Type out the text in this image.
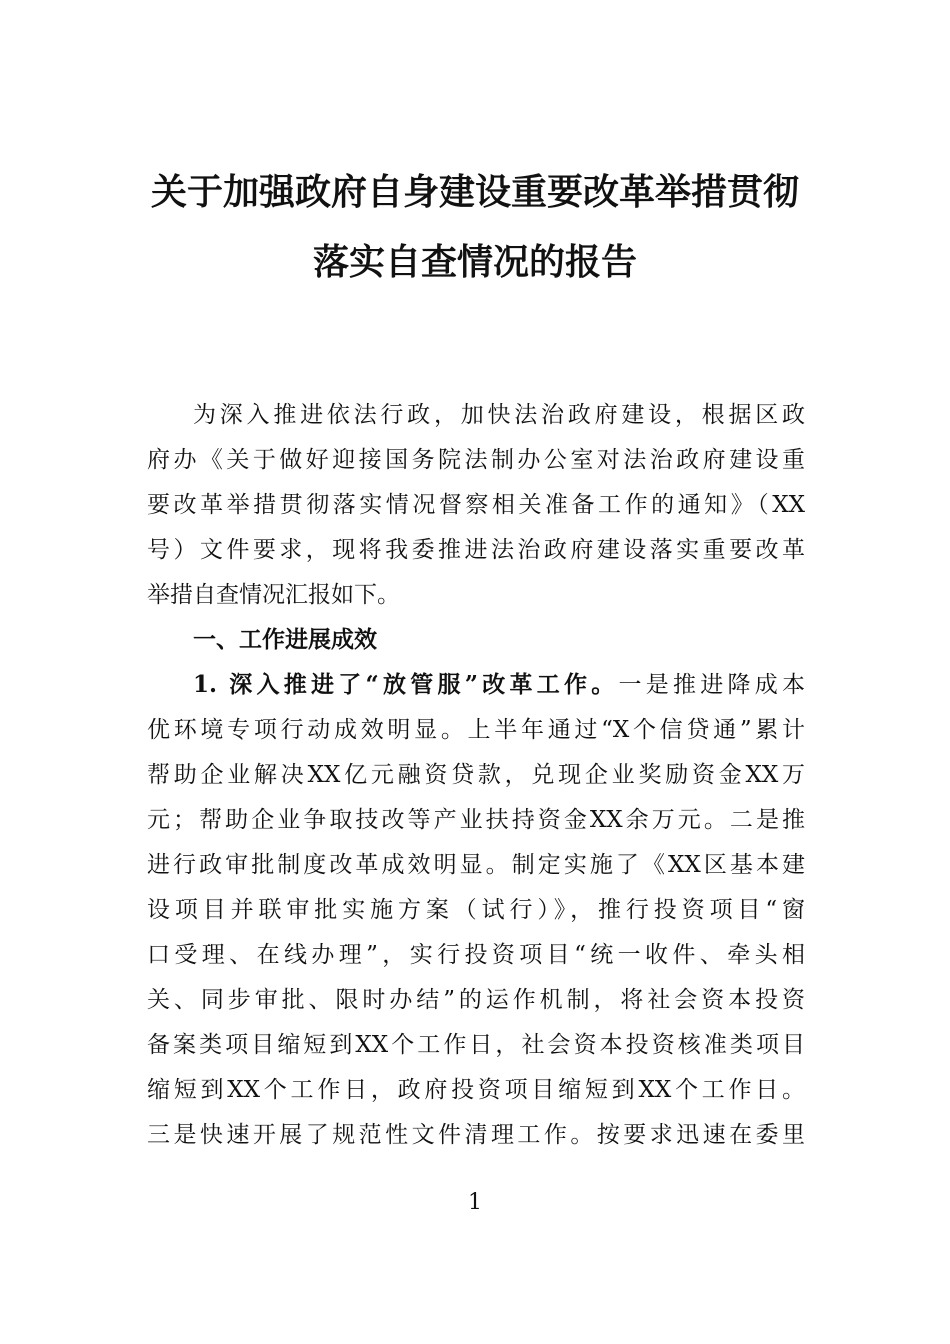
关于加强政府自身建设重要改革举措贯彻
落实自查情况的报告
为深入推进依法行政，加快法治政府建设，根据区政
府办《关于做好迎接国务院法制办公室对法治政府建设重
要改革举措贯彻落实情况督察相关准备工作的通知》（XX
号）文件要求，现将我委推进法治政府建设落实重要改革
举措自查情况汇报如下。
一、工作进展成效
1. 深入推进了“放管服”改革工作。一是推进降成本
优环境专项行动成效明显。上半年通过“X个信贷通”累计
帮助企业解决XX亿元融资贷款，兑现企业奖励资金XX万
元；帮助企业争取技改等产业扶持资金XX余万元。二是推
进行政审批制度改革成效明显。制定实施了《XX区基本建
设项目并联审批实施方案（试行）》，推行投资项目“窗
口受理、在线办理”，实行投资项目“统一收件、牵头相
关、同步审批、限时办结”的运作机制，将社会资本投资
备案类项目缩短到XX个工作日，社会资本投资核准类项目
缩短到XX个工作日，政府投资项目缩短到XX个工作日。
三是快速开展了规范性文件清理工作。按要求迅速在委里
1
